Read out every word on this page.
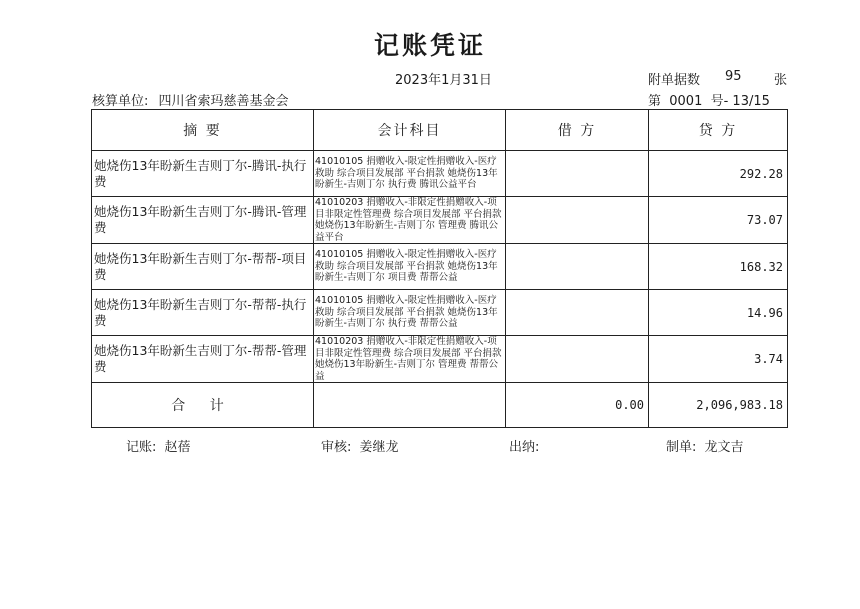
记账凭证
2023年1月31日	附单据数 95 张
核算单位: 四川省索玛慈善基金会	第  0001  号- 13/15
摘 要	会计科目	借 方	贷 方
她烧伤13年盼新生吉则丁尔-腾讯-执行费	41010105 捐赠收入-限定性捐赠收入-医疗救助 综合项目发展部 平台捐款 她烧伤13年盼新生-吉则丁尔 执行费 腾讯公益平台		292.28
她烧伤13年盼新生吉则丁尔-腾讯-管理费	41010203 捐赠收入-非限定性捐赠收入-项目非限定性管理费 综合项目发展部 平台捐款 她烧伤13年盼新生-吉则丁尔 管理费 腾讯公益平台		73.07
她烧伤13年盼新生吉则丁尔-帮帮-项目费	41010105 捐赠收入-限定性捐赠收入-医疗救助 综合项目发展部 平台捐款 她烧伤13年盼新生-吉则丁尔 项目费 帮帮公益		168.32
她烧伤13年盼新生吉则丁尔-帮帮-执行费	41010105 捐赠收入-限定性捐赠收入-医疗救助 综合项目发展部 平台捐款 她烧伤13年盼新生-吉则丁尔 执行费 帮帮公益		14.96
她烧伤13年盼新生吉则丁尔-帮帮-管理费	41010203 捐赠收入-非限定性捐赠收入-项目非限定性管理费 综合项目发展部 平台捐款 她烧伤13年盼新生-吉则丁尔 管理费 帮帮公益		3.74
合 计		0.00	2,096,983.18
记账: 赵蓓	审核: 姜继龙	出纳:	制单: 龙文吉
